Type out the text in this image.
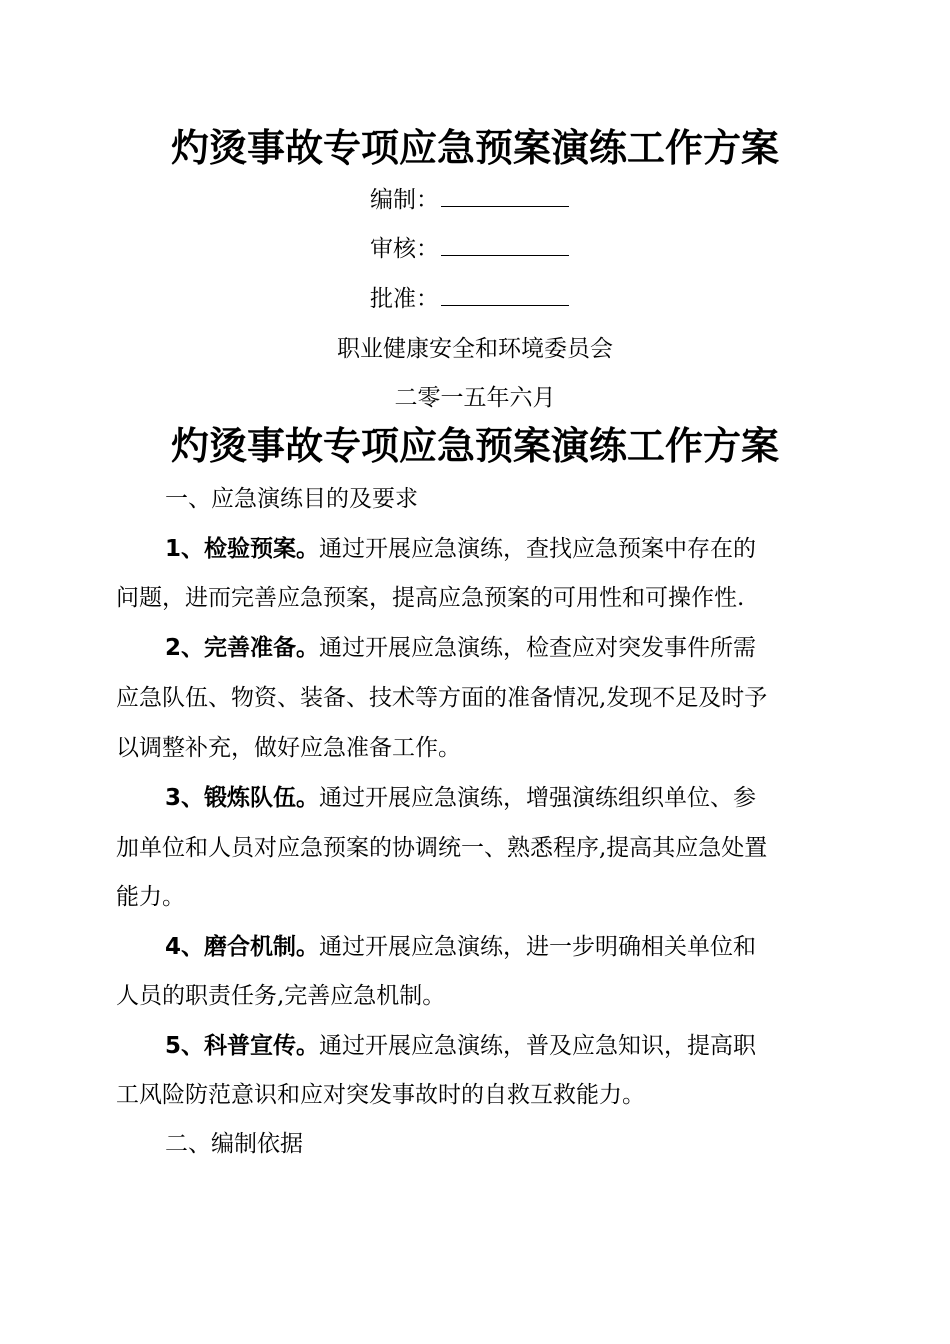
灼烫事故专项应急预案演练工作方案
编制：
审核：
批准：
职业健康安全和环境委员会
二零一五年六月
灼烫事故专项应急预案演练工作方案
一、应急演练目的及要求
1、检验预案。通过开展应急演练，查找应急预案中存在的
问题，进而完善应急预案，提高应急预案的可用性和可操作性.
2、完善准备。通过开展应急演练，检查应对突发事件所需
应急队伍、物资、装备、技术等方面的准备情况,发现不足及时予
以调整补充，做好应急准备工作。
3、锻炼队伍。通过开展应急演练，增强演练组织单位、参
加单位和人员对应急预案的协调统一、熟悉程序,提高其应急处置
能力。
4、磨合机制。通过开展应急演练，进一步明确相关单位和
人员的职责任务,完善应急机制。
5、科普宣传。通过开展应急演练，普及应急知识，提高职
工风险防范意识和应对突发事故时的自救互救能力。
二、编制依据
